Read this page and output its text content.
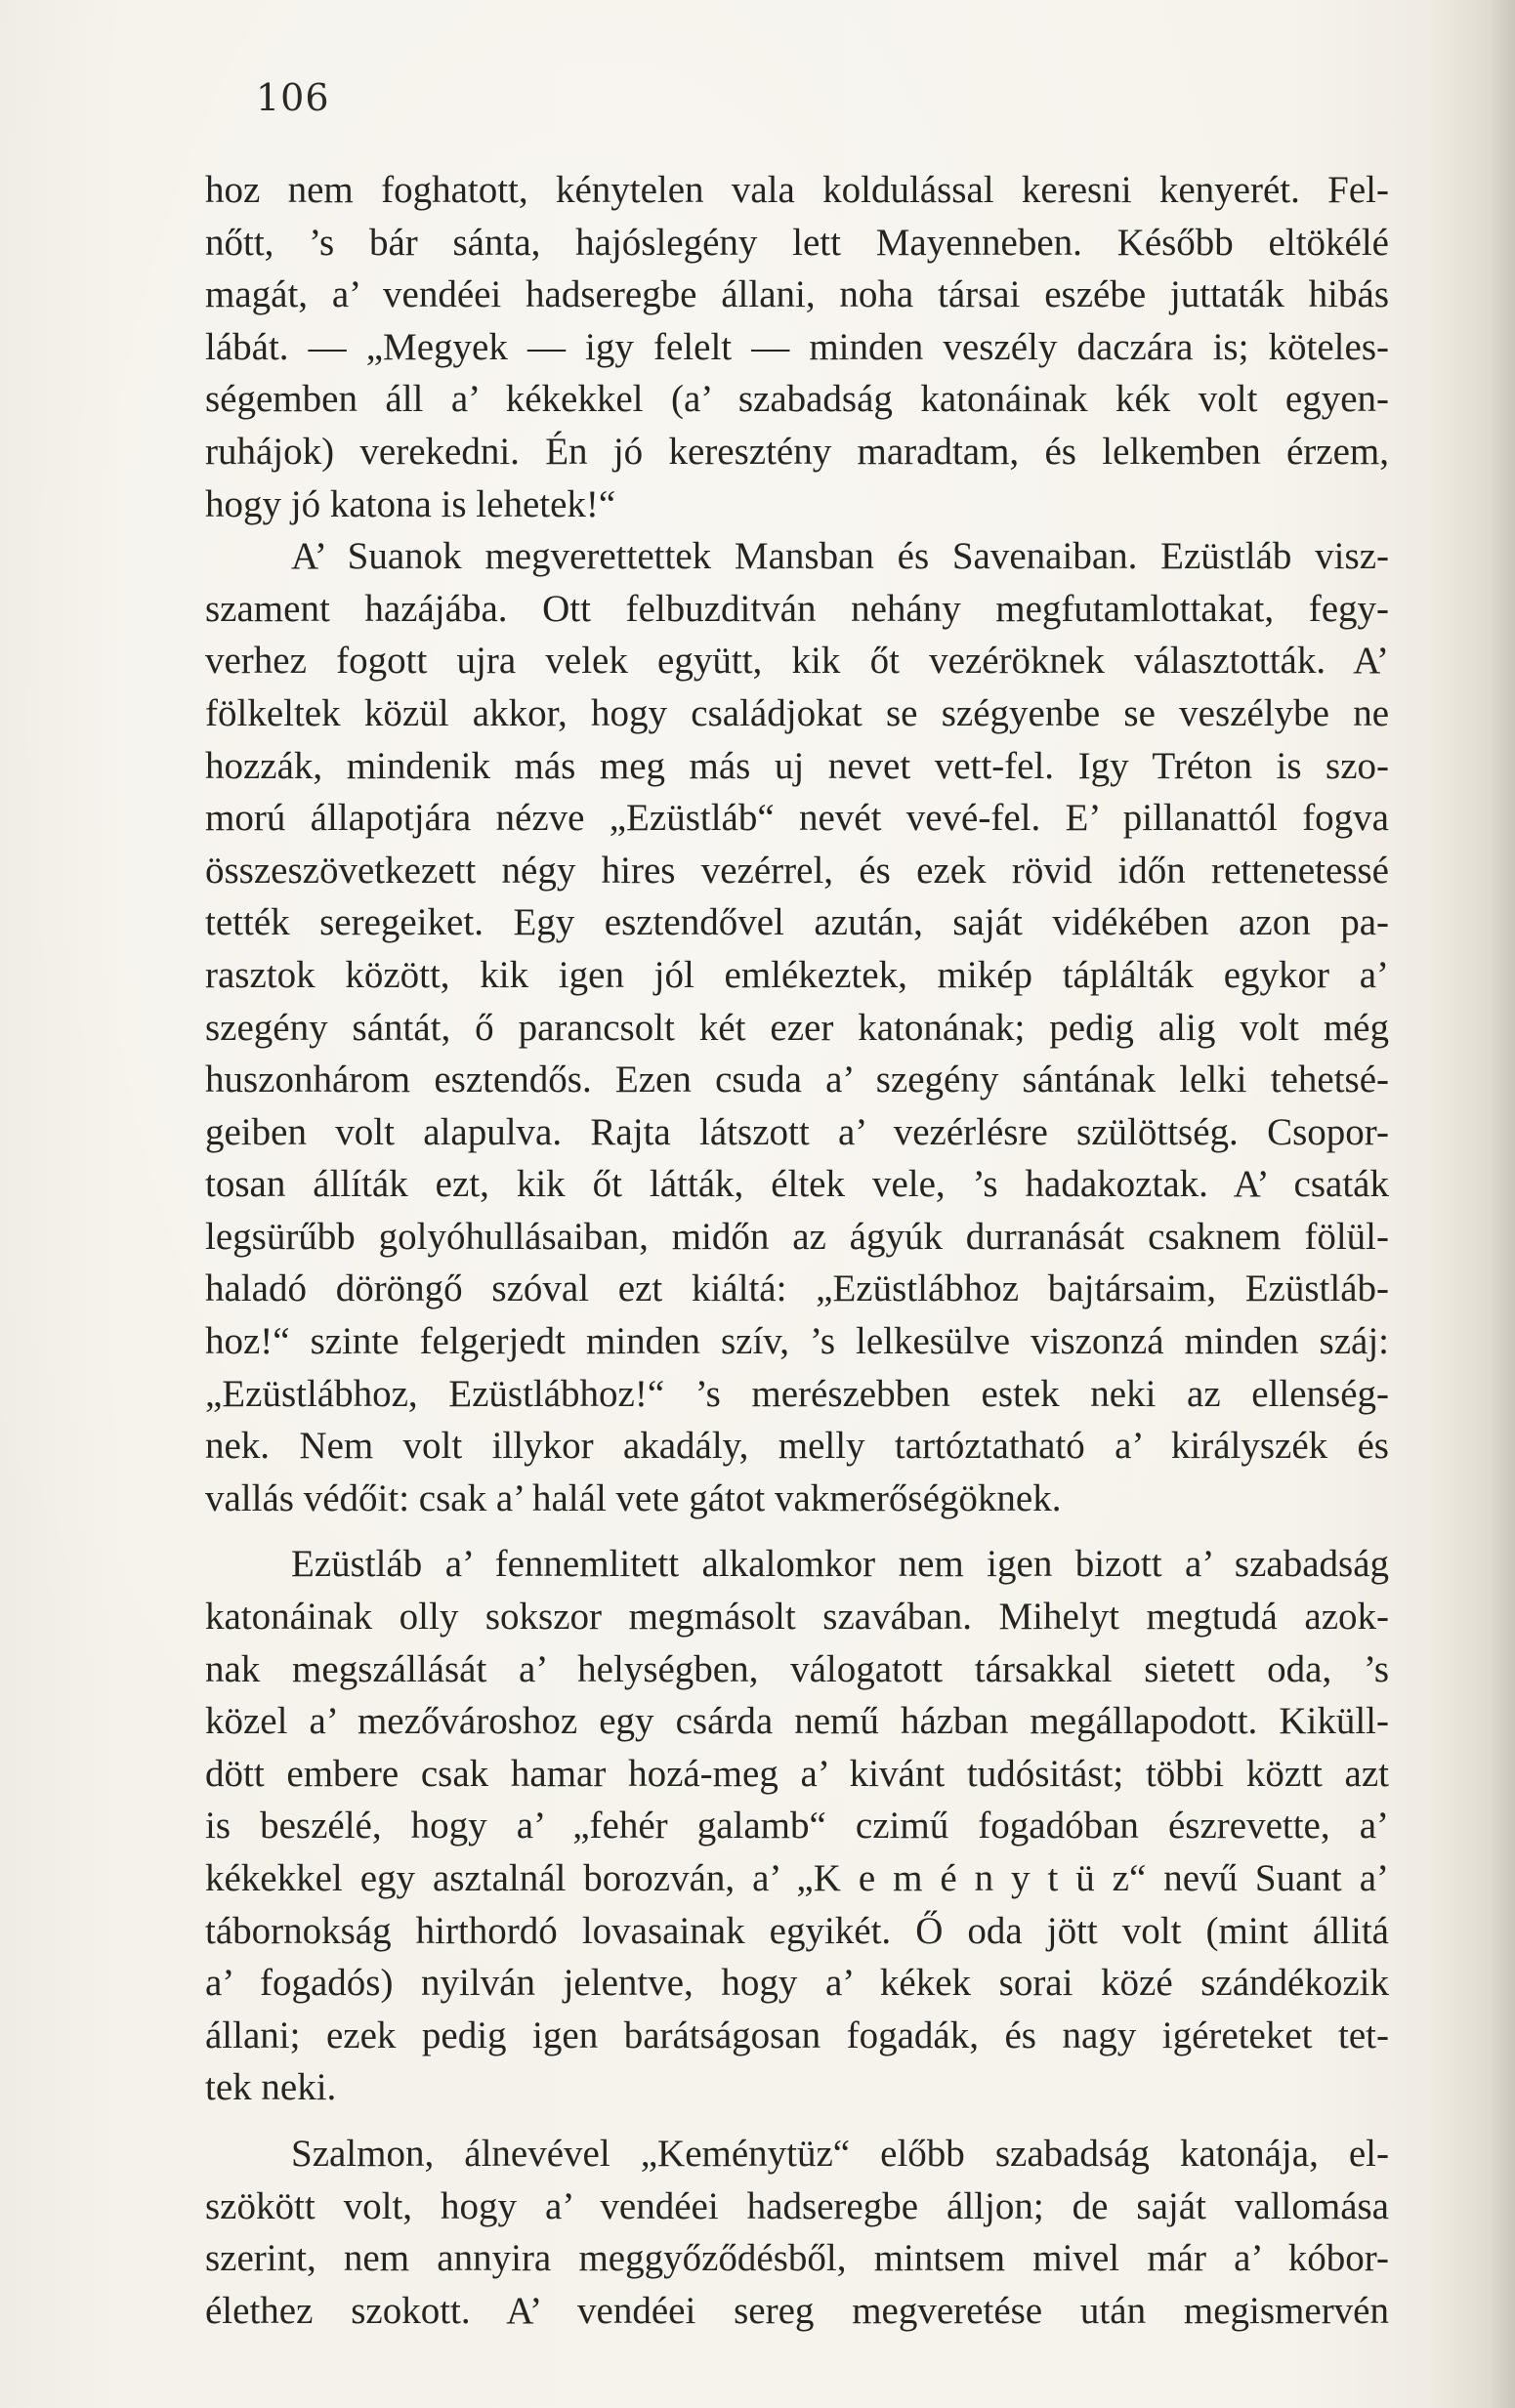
106

hoz nem foghatott, kénytelen vala koldulással keresni kenyerét. Fel-
nőtt, ’s bár sánta, hajóslegény lett Mayenneben. Később eltökélé
magát, a’ vendéei hadseregbe állani, noha társai eszébe juttaták hibás
lábát. — „Megyek — igy felelt — minden veszély daczára is; köteles-
ségemben áll a’ kékekkel (a’ szabadság katonáinak kék volt egyen-
ruhájok) verekedni. Én jó keresztény maradtam, és lelkemben érzem,
hogy jó katona is lehetek!“

A’ Suanok megverettettek Mansban és Savenaiban. Ezüstláb visz-
szament hazájába. Ott felbuzditván nehány megfutamlottakat, fegy-
verhez fogott ujra velek együtt, kik őt vezéröknek választották. A’
fölkeltek közül akkor, hogy családjokat se szégyenbe se veszélybe ne
hozzák, mindenik más meg más uj nevet vett-fel. Igy Tréton is szo-
morú állapotjára nézve „Ezüstláb“ nevét vevé-fel. E’ pillanattól fogva
összeszövetkezett négy hires vezérrel, és ezek rövid időn rettenetessé
tették seregeiket. Egy esztendővel azután, saját vidékében azon pa-
rasztok között, kik igen jól emlékeztek, mikép táplálták egykor a’
szegény sántát, ő parancsolt két ezer katonának; pedig alig volt még
huszonhárom esztendős. Ezen csuda a’ szegény sántának lelki tehetsé-
geiben volt alapulva. Rajta látszott a’ vezérlésre szülöttség. Csopor-
tosan állíták ezt, kik őt látták, éltek vele, ’s hadakoztak. A’ csaták
legsürűbb golyóhullásaiban, midőn az ágyúk durranását csaknem fölül-
haladó döröngő szóval ezt kiáltá: „Ezüstlábhoz bajtársaim, Ezüstláb-
hoz!“ szinte felgerjedt minden szív, ’s lelkesülve viszonzá minden száj:
„Ezüstlábhoz, Ezüstlábhoz!“ ’s merészebben estek neki az ellenség-
nek. Nem volt illykor akadály, melly tartóztatható a’ királyszék és
vallás védőit: csak a’ halál vete gátot vakmerőségöknek.

Ezüstláb a’ fennemlitett alkalomkor nem igen bizott a’ szabadság
katonáinak olly sokszor megmásolt szavában. Mihelyt megtudá azok-
nak megszállását a’ helységben, válogatott társakkal sietett oda, ’s
közel a’ mezővároshoz egy csárda nemű házban megállapodott. Kiküll-
dött embere csak hamar hozá-meg a’ kivánt tudósitást; többi köztt azt
is beszélé, hogy a’ „fehér galamb“ czimű fogadóban észrevette, a’
kékekkel egy asztalnál borozván, a’ „K e m é n y t ü z“ nevű Suant a’
tábornokság hirthordó lovasainak egyikét. Ő oda jött volt (mint állitá
a’ fogadós) nyilván jelentve, hogy a’ kékek sorai közé szándékozik
állani; ezek pedig igen barátságosan fogadák, és nagy igéreteket tet-
tek neki.

Szalmon, álnevével „Keménytüz“ előbb szabadság katonája, el-
szökött volt, hogy a’ vendéei hadseregbe álljon; de saját vallomása
szerint, nem annyira meggyőződésből, mintsem mivel már a’ kóbor-
élethez szokott. A’ vendéei sereg megveretése után megismervén
